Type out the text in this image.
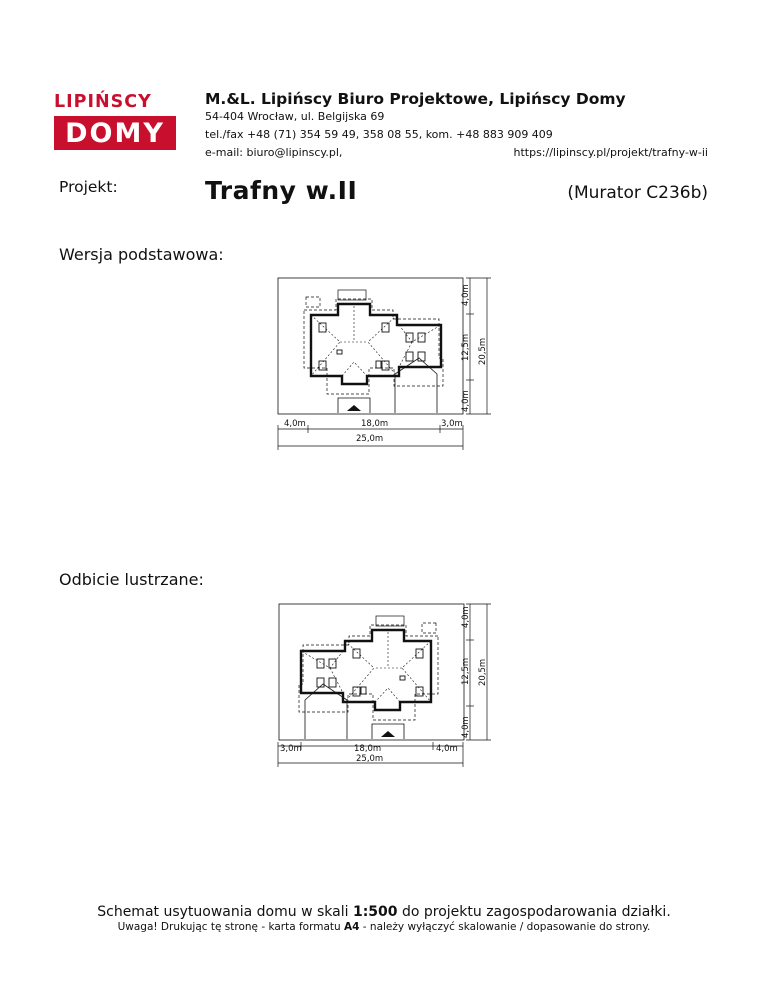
LIPIŃSCY
DOMY
M.&L. Lipińscy Biuro Projektowe, Lipińscy Domy
54-404 Wrocław, ul. Belgijska 69
tel./fax +48 (71) 354 59 49, 358 08 55, kom. +48 883 909 409
e-mail: biuro@lipinscy.pl,	https://lipinscy.pl/projekt/trafny-w-ii
Projekt:	Trafny w.II	(Murator C236b)
Wersja podstawowa:
4,0m	18,0m	3,0m
25,0m
4,0m
12,5m
4,0m
20,5m
Odbicie lustrzane:
3,0m	18,0m	4,0m
25,0m
4,0m
12,5m
4,0m
20,5m
Schemat usytuowania domu w skali 1:500 do projektu zagospodarowania działki.
Uwaga! Drukując tę stronę - karta formatu A4 - należy wyłączyć skalowanie / dopasowanie do strony.
